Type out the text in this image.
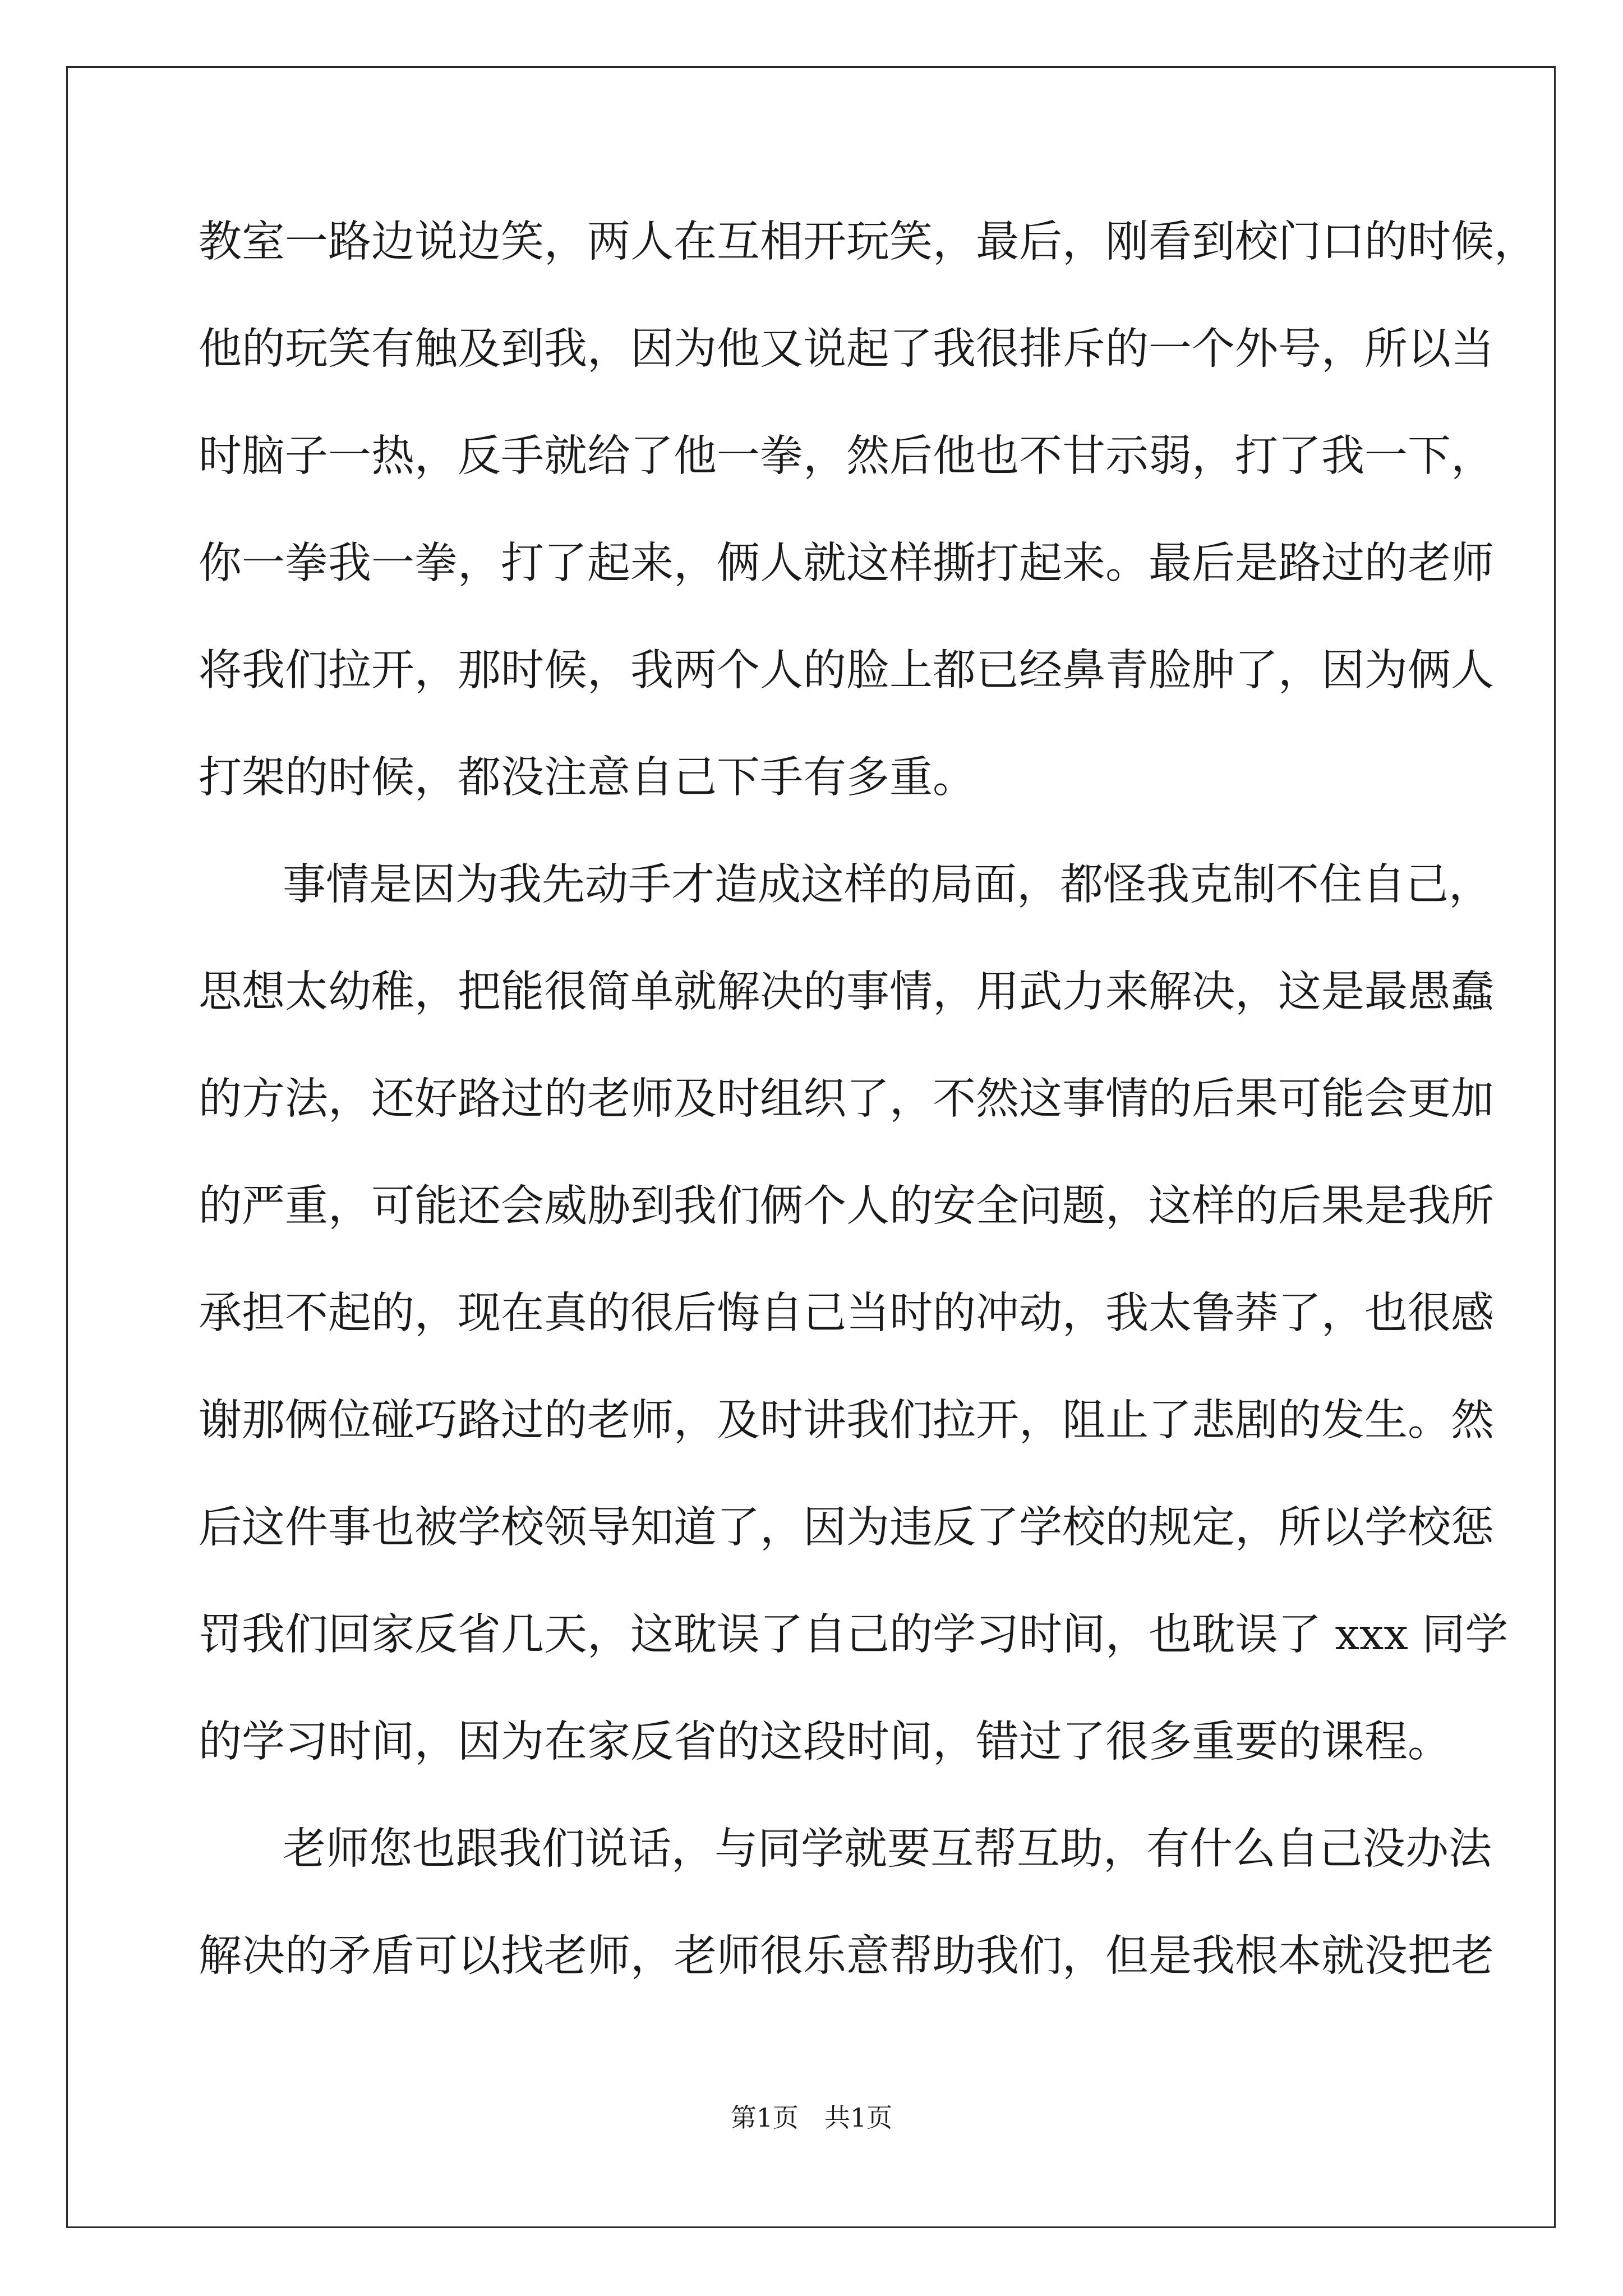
教室一路边说边笑，两人在互相开玩笑，最后，刚看到校门口的时候，
他的玩笑有触及到我，因为他又说起了我很排斥的一个外号，所以当
时脑子一热，反手就给了他一拳，然后他也不甘示弱，打了我一下，
你一拳我一拳，打了起来，俩人就这样撕打起来。最后是路过的老师
将我们拉开，那时候，我两个人的脸上都已经鼻青脸肿了，因为俩人
打架的时候，都没注意自己下手有多重。
事情是因为我先动手才造成这样的局面，都怪我克制不住自己，
思想太幼稚，把能很简单就解决的事情，用武力来解决，这是最愚蠢
的方法，还好路过的老师及时组织了，不然这事情的后果可能会更加
的严重，可能还会威胁到我们俩个人的安全问题，这样的后果是我所
承担不起的，现在真的很后悔自己当时的冲动，我太鲁莽了，也很感
谢那俩位碰巧路过的老师，及时讲我们拉开，阻止了悲剧的发生。然
后这件事也被学校领导知道了，因为违反了学校的规定，所以学校惩
罚我们回家反省几天，这耽误了自己的学习时间，也耽误了 xxx 同学
的学习时间，因为在家反省的这段时间，错过了很多重要的课程。
老师您也跟我们说话，与同学就要互帮互助，有什么自己没办法
解决的矛盾可以找老师，老师很乐意帮助我们，但是我根本就没把老
第1页 共1页
